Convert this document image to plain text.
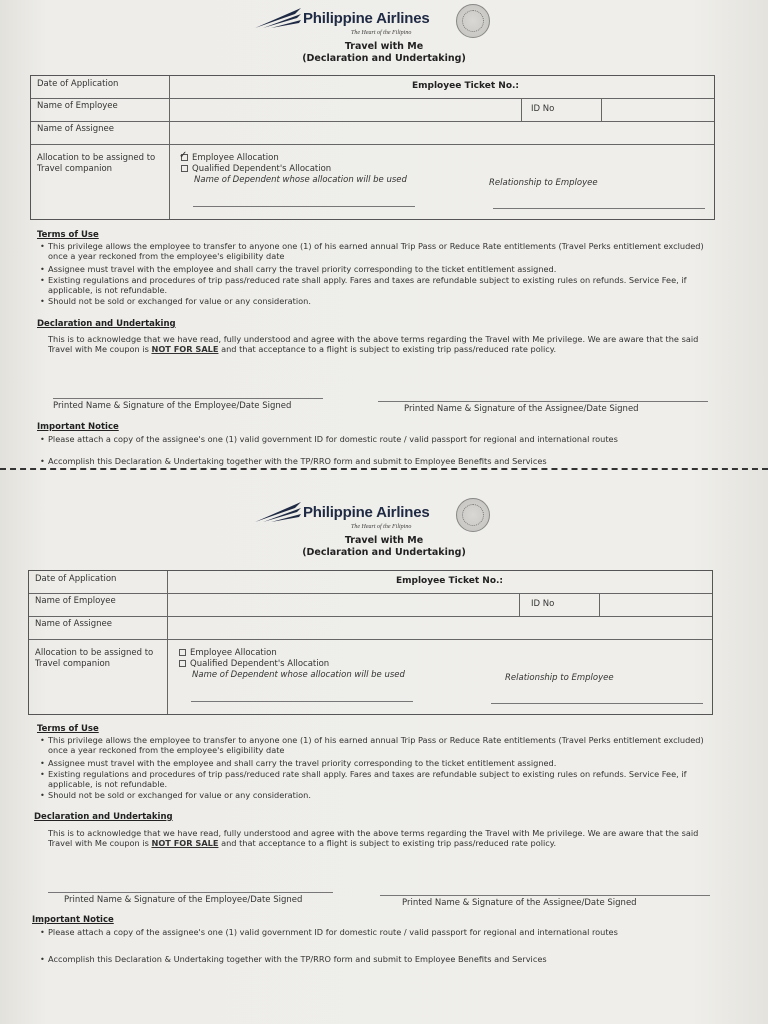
Philippine Airlines
The Heart of the Filipino
Travel with Me
(Declaration and Undertaking)
Date of Application	Employee Ticket No.:
Name of Employee	ID No
Name of Assignee
Allocation to be assigned to Travel companion
✓ Employee Allocation
Qualified Dependent's Allocation
Name of Dependent whose allocation will be used	Relationship to Employee
Terms of Use
• This privilege allows the employee to transfer to anyone one (1) of his earned annual Trip Pass or Reduce Rate entitlements (Travel Perks entitlement excluded) once a year reckoned from the employee's eligibility date
• Assignee must travel with the employee and shall carry the travel priority corresponding to the ticket entitlement assigned.
• Existing regulations and procedures of trip pass/reduced rate shall apply. Fares and taxes are refundable subject to existing rules on refunds. Service Fee, if applicable, is not refundable.
• Should not be sold or exchanged for value or any consideration.
Declaration and Undertaking
This is to acknowledge that we have read, fully understood and agree with the above terms regarding the Travel with Me privilege. We are aware that the said Travel with Me coupon is NOT FOR SALE and that acceptance to a flight is subject to existing trip pass/reduced rate policy.
Printed Name & Signature of the Employee/Date Signed	Printed Name & Signature of the Assignee/Date Signed
Important Notice
• Please attach a copy of the assignee's one (1) valid government ID for domestic route / valid passport for regional and international routes
• Accomplish this Declaration & Undertaking together with the TP/RRO form and submit to Employee Benefits and Services
Philippine Airlines
The Heart of the Filipino
Travel with Me
(Declaration and Undertaking)
Date of Application	Employee Ticket No.:
Name of Employee	ID No
Name of Assignee
Allocation to be assigned to Travel companion
Employee Allocation
Qualified Dependent's Allocation
Name of Dependent whose allocation will be used	Relationship to Employee
Terms of Use
• This privilege allows the employee to transfer to anyone one (1) of his earned annual Trip Pass or Reduce Rate entitlements (Travel Perks entitlement excluded) once a year reckoned from the employee's eligibility date
• Assignee must travel with the employee and shall carry the travel priority corresponding to the ticket entitlement assigned.
• Existing regulations and procedures of trip pass/reduced rate shall apply. Fares and taxes are refundable subject to existing rules on refunds. Service Fee, if applicable, is not refundable.
• Should not be sold or exchanged for value or any consideration.
Declaration and Undertaking
This is to acknowledge that we have read, fully understood and agree with the above terms regarding the Travel with Me privilege. We are aware that the said Travel with Me coupon is NOT FOR SALE and that acceptance to a flight is subject to existing trip pass/reduced rate policy.
Printed Name & Signature of the Employee/Date Signed	Printed Name & Signature of the Assignee/Date Signed
Important Notice
• Please attach a copy of the assignee's one (1) valid government ID for domestic route / valid passport for regional and international routes
• Accomplish this Declaration & Undertaking together with the TP/RRO form and submit to Employee Benefits and Services
